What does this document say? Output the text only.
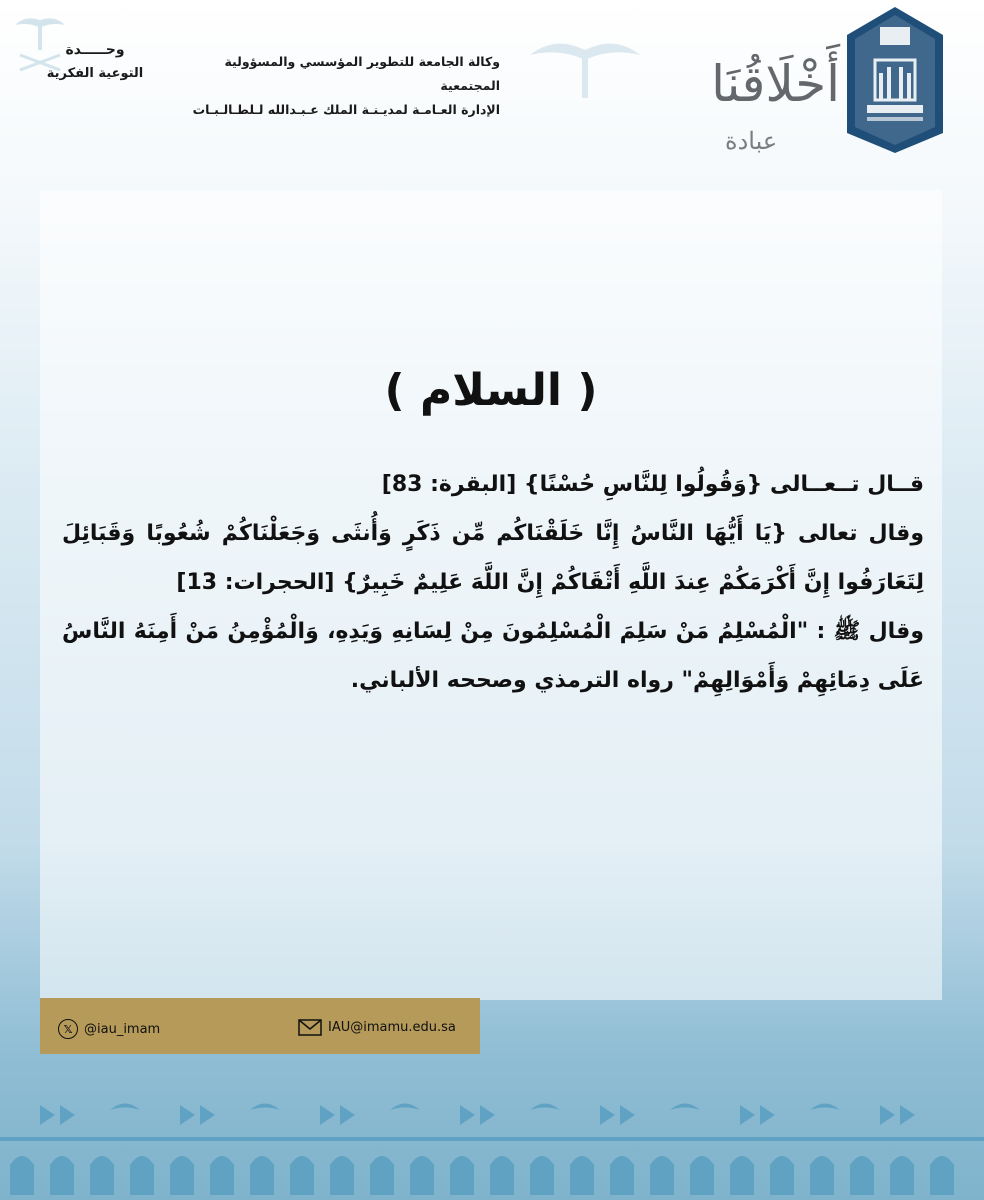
وحـــــدة
التوعية الفكرية
وكالة الجامعة للتطوير المؤسسي والمسؤولية المجتمعية
الإدارة العـامـة لمديـنـة الملك عـبـدالله لـلطـالـبـات	أَخْلَاقُنَا
عبادة
( السلام )

قــال تــعــالى {وَقُولُوا لِلنَّاسِ حُسْنًا} [البقرة: 83]

وقال تعالى {يَا أَيُّهَا النَّاسُ إِنَّا خَلَقْنَاكُم مِّن ذَكَرٍ وَأُنثَى وَجَعَلْنَاكُمْ شُعُوبًا وَقَبَائِلَ لِتَعَارَفُوا إِنَّ أَكْرَمَكُمْ عِندَ اللَّهِ أَتْقَاكُمْ إِنَّ اللَّهَ عَلِيمٌ خَبِيرٌ} [الحجرات: 13]

وقال ﷺ : "الْمُسْلِمُ مَنْ سَلِمَ الْمُسْلِمُونَ مِنْ لِسَانِهِ وَيَدِهِ، وَالْمُؤْمِنُ مَنْ أَمِنَهُ النَّاسُ عَلَى دِمَائِهِمْ وَأَمْوَالِهِمْ" رواه الترمذي وصححه الألباني.

𝕏 @iau_imam	IAU@imamu.edu.sa
